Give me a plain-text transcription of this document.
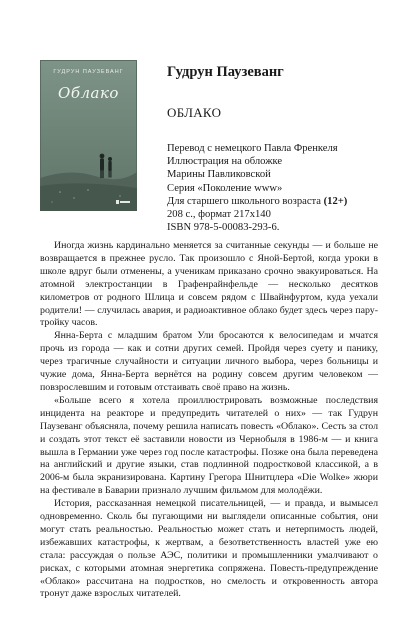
ГУДРУН ПАУЗЕВАНГ
Облако
Гудрун Паузеванг
ОБЛАКО
Перевод с немецкого Павла Френкеля
Иллюстрация на обложке
Марины Павликовской
Серия «Поколение www»
Для старшего школьного возраста (12+)
208 с., формат 217x140
ISBN 978-5-00083-293-6.

Иногда жизнь кардинально меняется за считанные секунды — и больше не возвращается в прежнее русло. Так произошло с Яной-Бертой, когда уроки в школе вдруг были отменены, а ученикам приказано срочно эвакуироваться. На атомной электростанции в Графенрайнфельде — несколько десятков километров от родного Шлица и совсем рядом с Швайнфуртом, куда уехали родители! — случилась авария, и радиоактивное облако будет здесь через пару-тройку часов.

Янна-Берта с младшим братом Ули бросаются к велосипедам и мчатся прочь из города — как и сотни других семей. Пройдя через суету и панику, через трагичные случайности и ситуации личного выбора, через больницы и чужие дома, Янна-Берта вернётся на родину совсем другим человеком — повзрослевшим и готовым отстаивать своё право на жизнь.

«Больше всего я хотела проиллюстрировать возможные последствия инцидента на реакторе и предупредить читателей о них» — так Гудрун Паузеванг объясняла, почему решила написать повесть «Облако». Сесть за стол и создать этот текст её заставили новости из Чернобыля в 1986-м — и книга вышла в Германии уже через год после катастрофы. Позже она была переведена на английский и другие языки, став подлинной подростковой классикой, а в 2006-м была экранизирована. Картину Грегора Шнитцлера «Die Wolke» жюри на фестивале в Баварии признало лучшим фильмом для молодёжи.

История, рассказанная немецкой писательницей, — и правда, и вымысел одновременно. Сколь бы пугающими ни выглядели описанные события, они могут стать реальностью. Реальностью может стать и нетерпимость людей, избежавших катастрофы, к жертвам, а безответственность властей уже ею стала: рассуждая о пользе АЭС, политики и промышленники умалчивают о рисках, с которыми атомная энергетика сопряжена. Повесть-предупреждение «Облако» рассчитана на подростков, но смелость и откровенность автора тронут даже взрослых читателей.
